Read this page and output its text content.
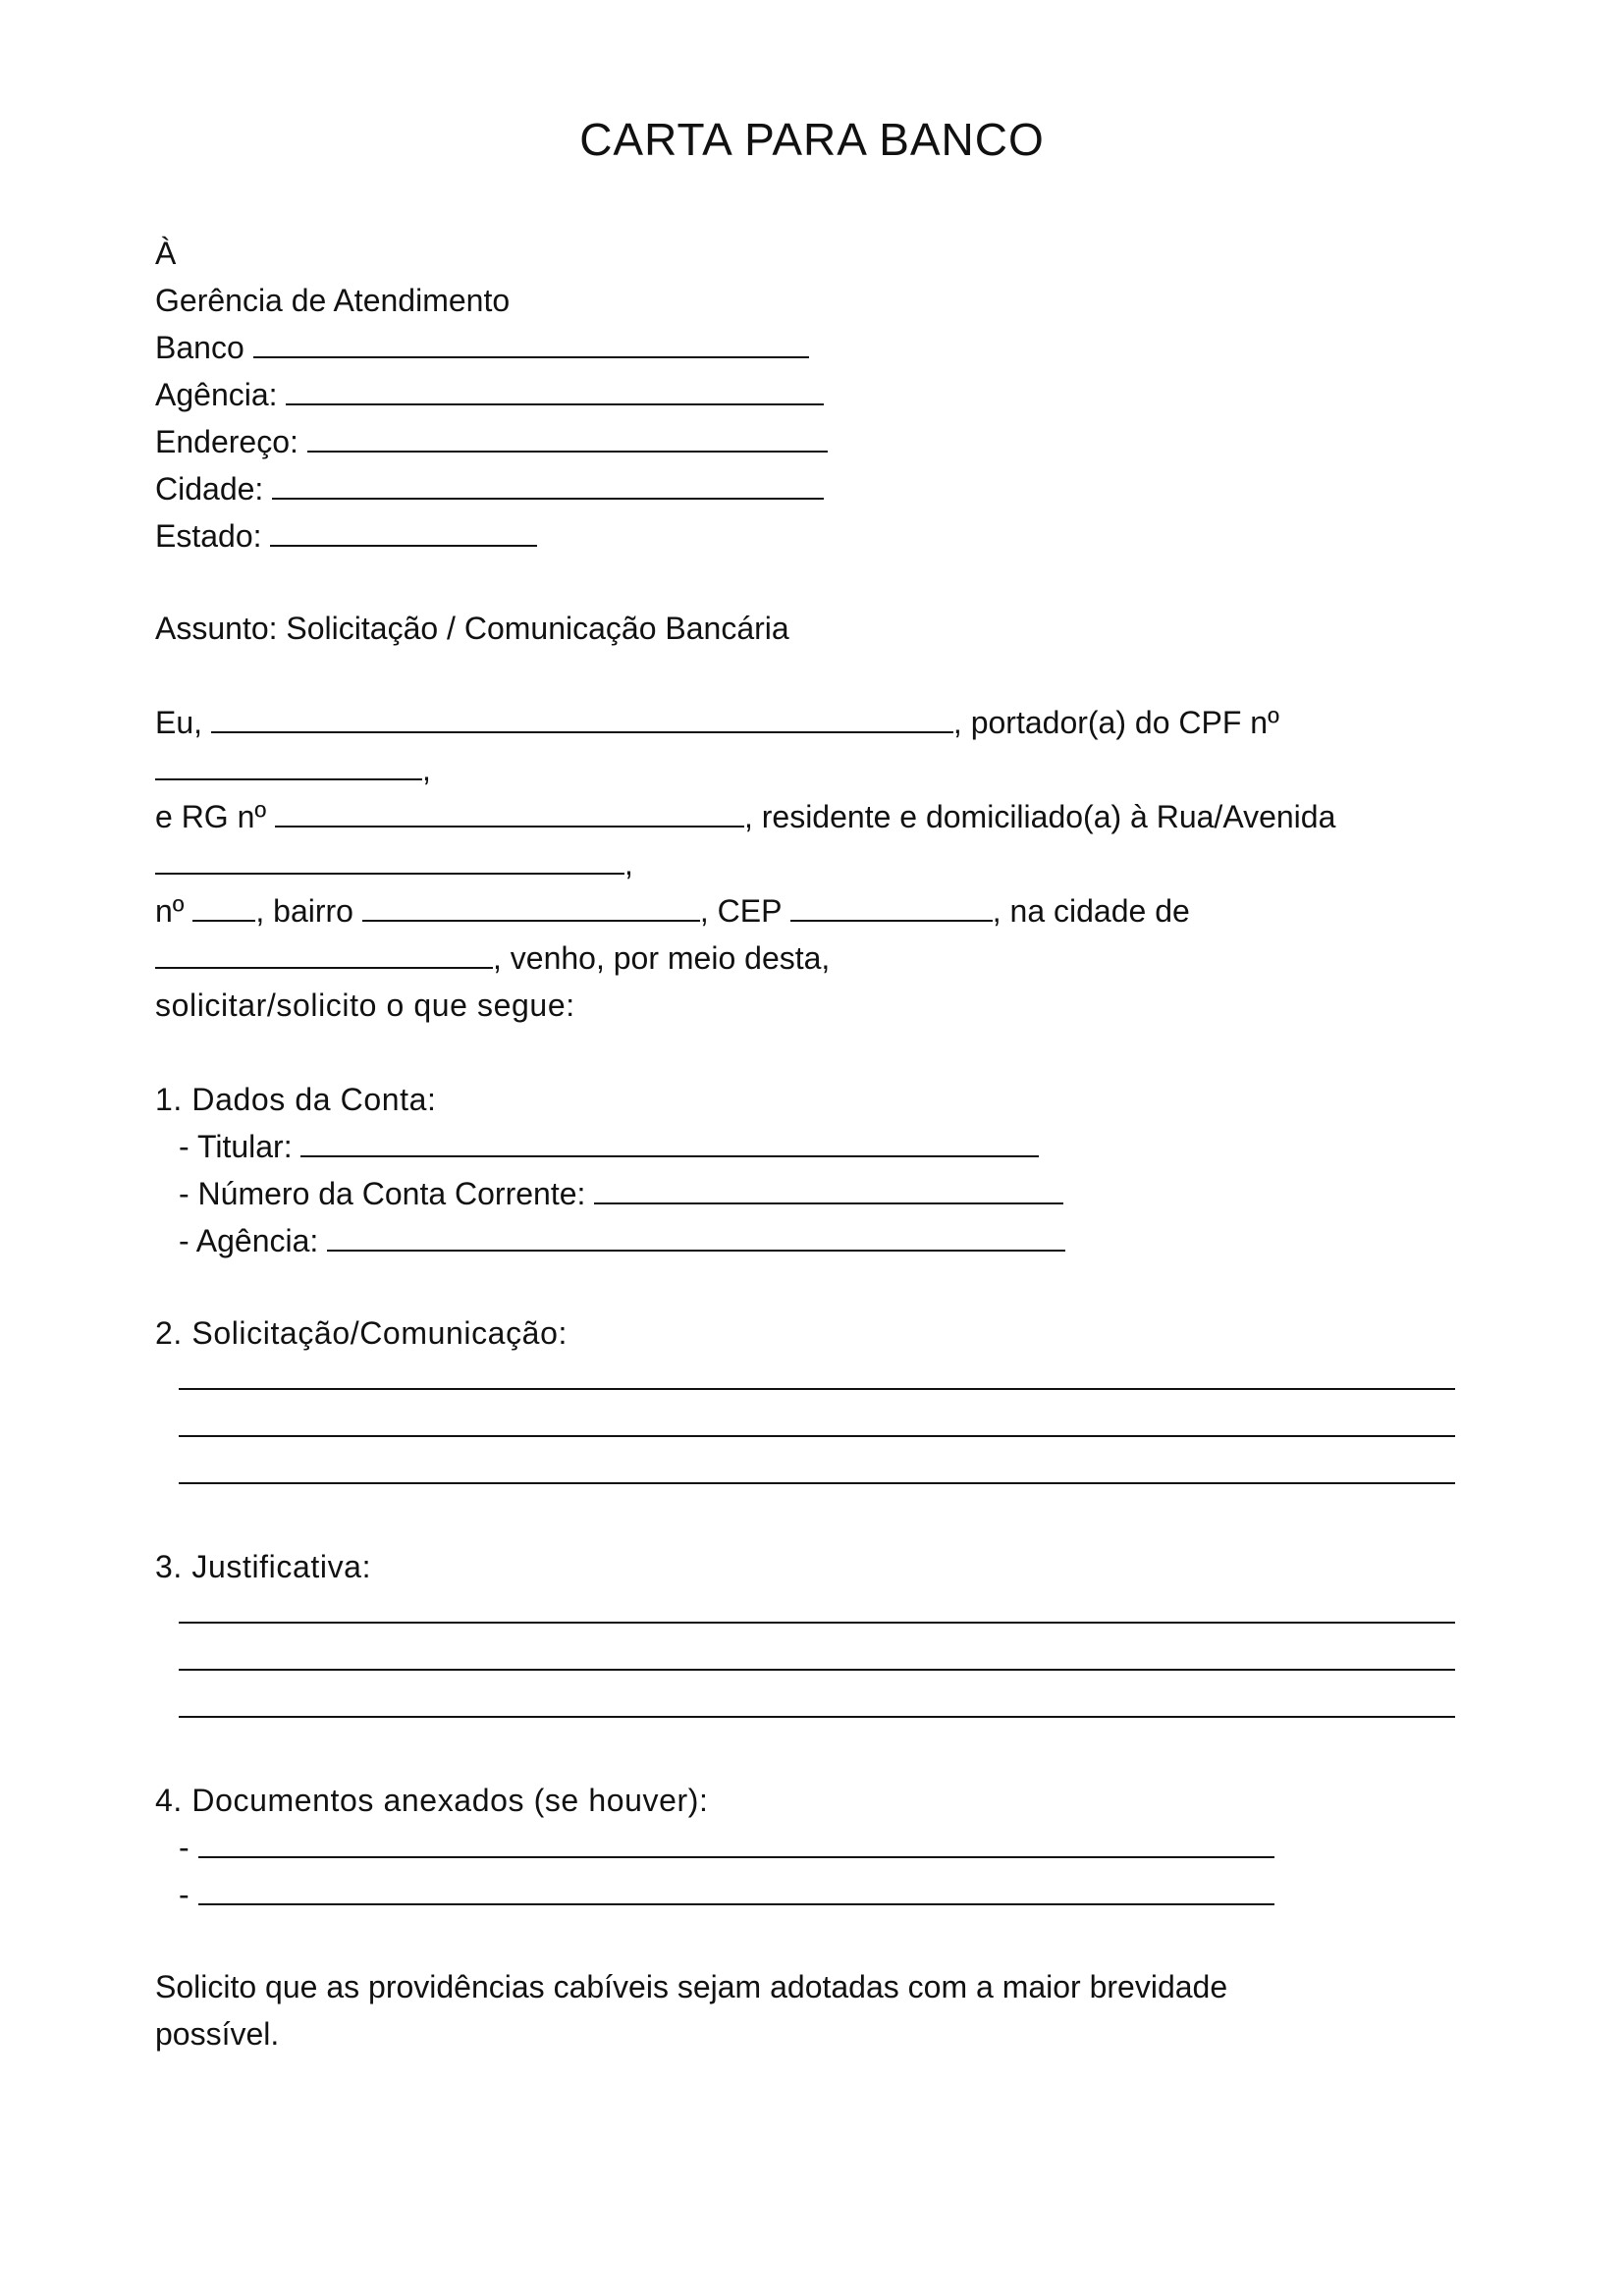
CARTA PARA BANCO
À
Gerência de Atendimento
Banco
Agência:
Endereço:
Cidade:
Estado:
Assunto: Solicitação / Comunicação Bancária
Eu,	, portador(a) do CPF nº
,
e RG nº	, residente e domiciliado(a) à Rua/Avenida
,
nº , bairro	, CEP	, na cidade de
, venho, por meio desta,
solicitar/solicito o que segue:
1. Dados da Conta:
- Titular:
- Número da Conta Corrente:
- Agência:
2. Solicitação/Comunicação:
3. Justificativa:
4. Documentos anexados (se houver):
-
-
Solicito que as providências cabíveis sejam adotadas com a maior brevidade
possível.
